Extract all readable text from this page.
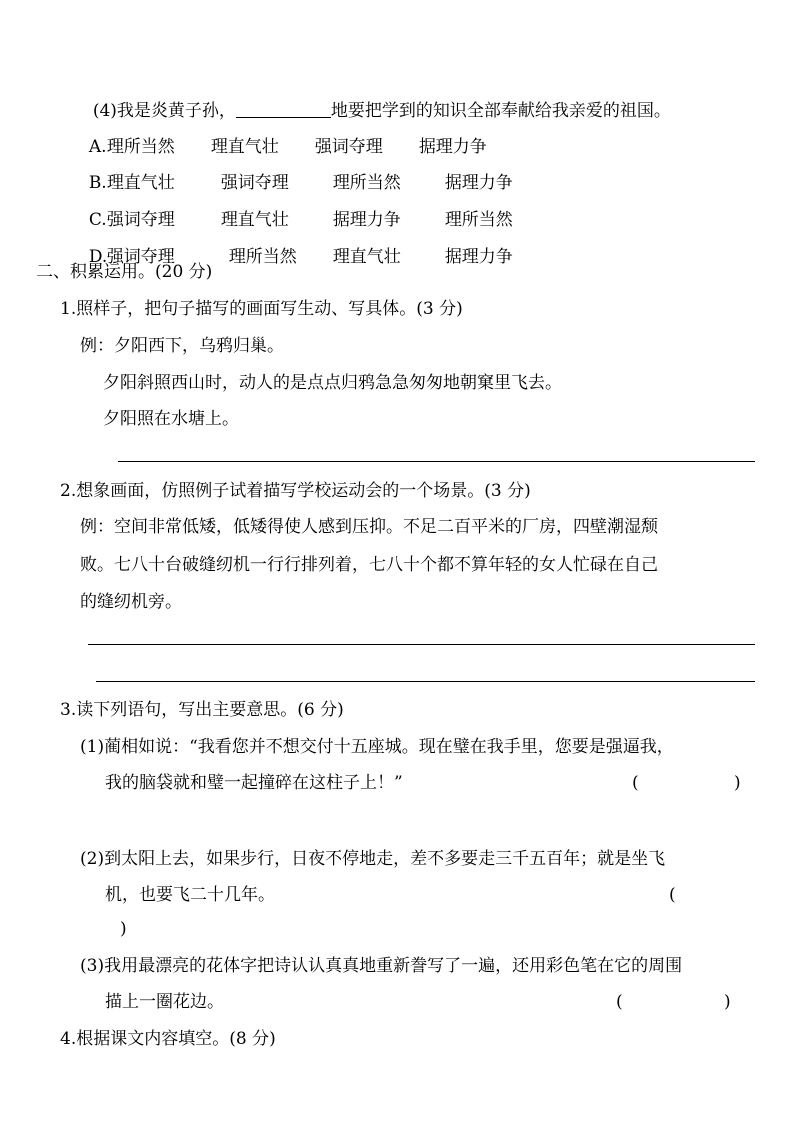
(4)我是炎黄子孙，	地要把学到的知识全部奉献给我亲爱的祖国。

A.理所当然 理直气壮 强词夺理 据理力争

B.理直气壮	强词夺理	理所当然	据理力争

C.强词夺理	理直气壮	据理力争	理所当然

D.强词夺理	理所当然 理直气壮	据理力争

二、积累运用。(20 分)
1.照样子，把句子描写的画面写生动、写具体。(3 分)
例：夕阳西下，乌鸦归巢。
夕阳斜照西山时，动人的是点点归鸦急急匆匆地朝窠里飞去。
夕阳照在水塘上。
2.想象画面，仿照例子试着描写学校运动会的一个场景。(3 分)
例：空间非常低矮，低矮得使人感到压抑。不足二百平米的厂房，四壁潮湿颓
败。七八十台破缝纫机一行行排列着，七八十个都不算年轻的女人忙碌在自己
的缝纫机旁。
3.读下列语句，写出主要意思。(6 分)
(1)蔺相如说：“我看您并不想交付十五座城。现在璧在我手里，您要是强逼我，
我的脑袋就和璧一起撞碎在这柱子上！”	(	)
(2)到太阳上去，如果步行，日夜不停地走，差不多要走三千五百年；就是坐飞
机，也要飞二十几年。	(
)
(3)我用最漂亮的花体字把诗认认真真地重新誊写了一遍，还用彩色笔在它的周围
描上一圈花边。	(	)
4.根据课文内容填空。(8 分)
